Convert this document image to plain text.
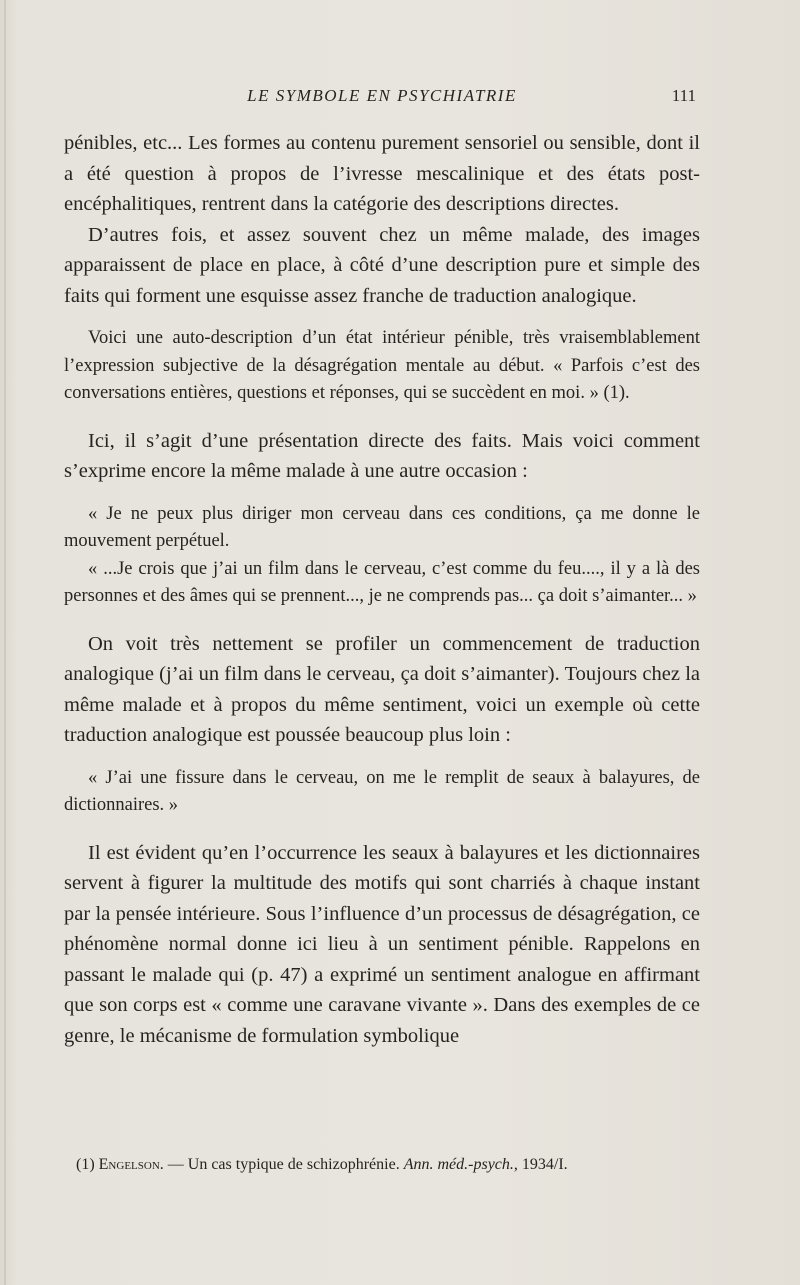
LE SYMBOLE EN PSYCHIATRIE	111

pénibles, etc... Les formes au contenu purement sensoriel ou sensible, dont il a été question à propos de l’ivresse mescalinique et des états post-encéphalitiques, rentrent dans la catégorie des descriptions directes.

D’autres fois, et assez souvent chez un même malade, des images apparaissent de place en place, à côté d’une description pure et simple des faits qui forment une esquisse assez franche de traduction analogique.

Voici une auto-description d’un état intérieur pénible, très vraisemblablement l’expression subjective de la désagrégation mentale au début. « Parfois c’est des conversations entières, questions et réponses, qui se succèdent en moi. » (1).

Ici, il s’agit d’une présentation directe des faits. Mais voici comment s’exprime encore la même malade à une autre occasion :

« Je ne peux plus diriger mon cerveau dans ces conditions, ça me donne le mouvement perpétuel.

« ...Je crois que j’ai un film dans le cerveau, c’est comme du feu...., il y a là des personnes et des âmes qui se prennent..., je ne comprends pas... ça doit s’aimanter... »

On voit très nettement se profiler un commencement de traduction analogique (j’ai un film dans le cerveau, ça doit s’aimanter). Toujours chez la même malade et à propos du même sentiment, voici un exemple où cette traduction analogique est poussée beaucoup plus loin :

« J’ai une fissure dans le cerveau, on me le remplit de seaux à balayures, de dictionnaires. »

Il est évident qu’en l’occurrence les seaux à balayures et les dictionnaires servent à figurer la multitude des motifs qui sont charriés à chaque instant par la pensée intérieure. Sous l’influence d’un processus de désagrégation, ce phénomène normal donne ici lieu à un sentiment pénible. Rappelons en passant le malade qui (p. 47) a exprimé un sentiment analogue en affirmant que son corps est « comme une caravane vivante ». Dans des exemples de ce genre, le mécanisme de formulation symbolique

(1) Engelson. — Un cas typique de schizophrénie. Ann. méd.-psych., 1934/I.
